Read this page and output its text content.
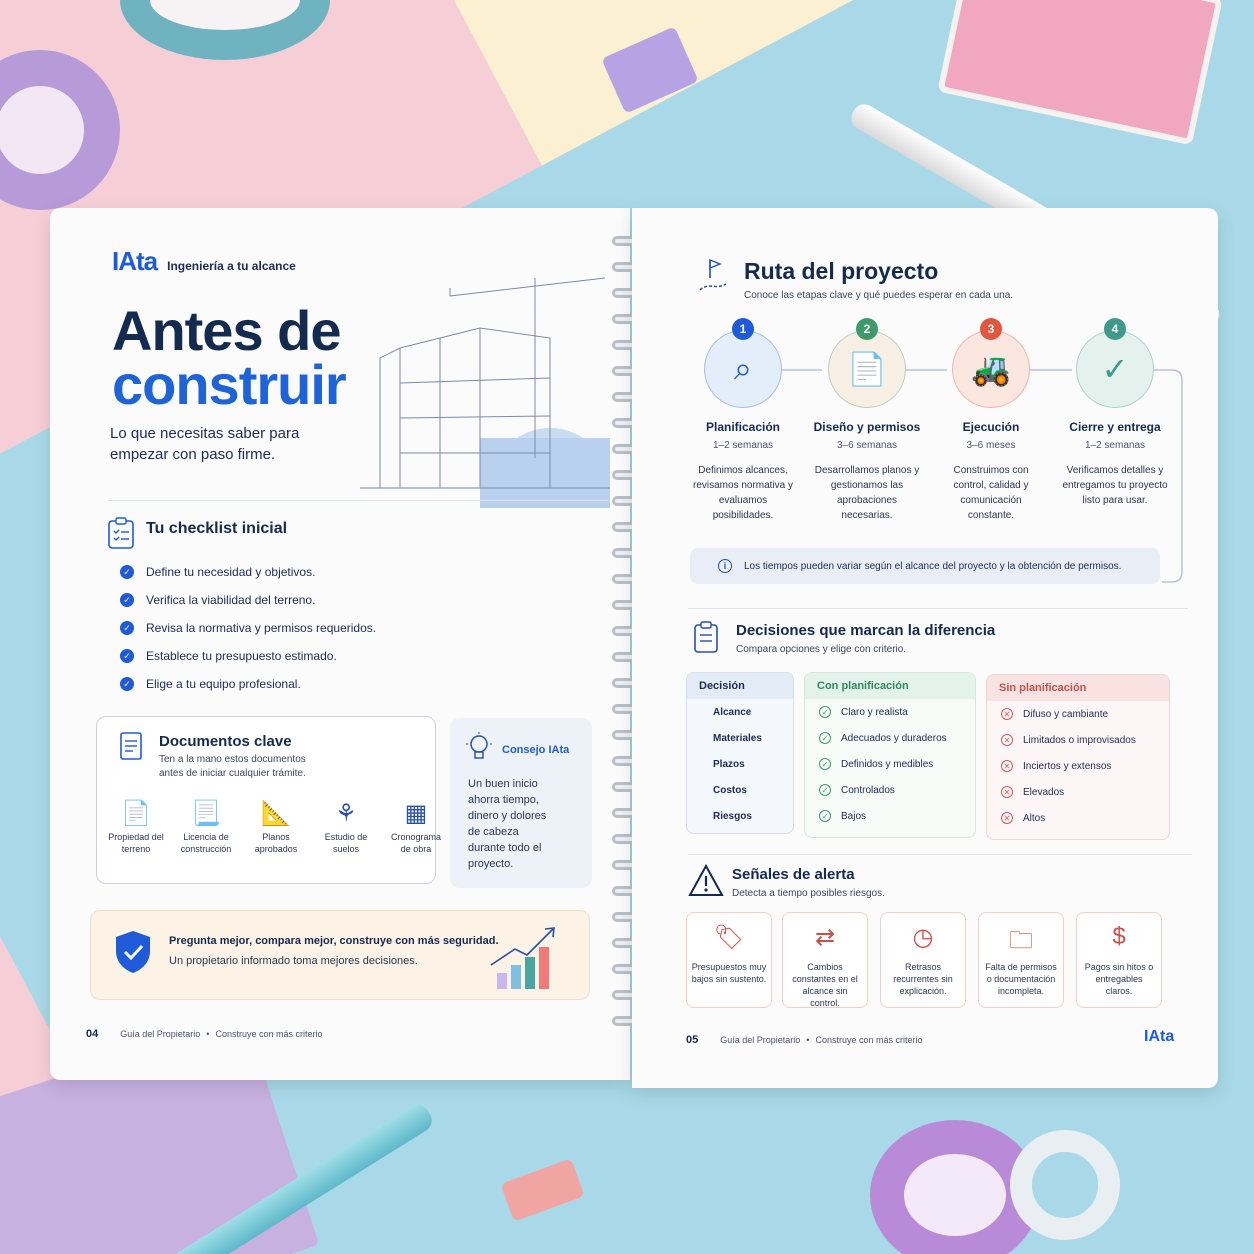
IAta Ingeniería a tu alcance
Antes de
construir
Lo que necesitas saber para empezar con paso firme.
Tu checklist inicial
✓ Define tu necesidad y objetivos.
✓ Verifica la viabilidad del terreno.
✓ Revisa la normativa y permisos requeridos.
✓ Establece tu presupuesto estimado.
✓ Elige a tu equipo profesional.
Documentos clave
Ten a la mano estos documentos antes de iniciar cualquier trámite.
📄
Propiedad del terreno
📃
Licencia de construcción
📐
Planos aprobados
⚘
Estudio de suelos
▦
Cronograma de obra
Consejo IAta
Un buen inicio ahorra tiempo, dinero y dolores de cabeza durante todo el proyecto.
Pregunta mejor, compara mejor, construye con más seguridad.
Un propietario informado toma mejores decisiones.
04 Guía del Propietario • Construye con más criterio
Ruta del proyecto
Conoce las etapas clave y qué puedes esperar en cada una.
⌕
1
Planificación
1–2 semanas
Definimos alcances, revisamos normativa y evaluamos posibilidades.
📄
2
Diseño y permisos
3–6 semanas
Desarrollamos planos y gestionamos las aprobaciones necesarias.
🚜
3
Ejecución
3–6 meses
Construimos con control, calidad y comunicación constante.
✓
4
Cierre y entrega
1–2 semanas
Verificamos detalles y entregamos tu proyecto listo para usar.
i	Los tiempos pueden variar según el alcance del proyecto y la obtención de permisos.
Decisiones que marcan la diferencia
Compara opciones y elige con criterio.
Decisión
Alcance
Materiales
Plazos
Costos
Riesgos
Con planificación
✓ Claro y realista
✓ Adecuados y duraderos
✓ Definidos y medibles
✓ Controlados
✓ Bajos
Sin planificación
✕ Difuso y cambiante
✕ Limitados o improvisados
✕ Inciertos y extensos
✕ Elevados
✕ Altos
Señales de alerta
Detecta a tiempo posibles riesgos.
🏷
Presupuestos muy bajos sin sustento.
⇄
Cambios constantes en el alcance sin control.
◷
Retrasos recurrentes sin explicación.
🗀
Falta de permisos o documentación incompleta.
$
Pagos sin hitos o entregables claros.
05 Guía del Propietario • Construye con más criterio	IAta
